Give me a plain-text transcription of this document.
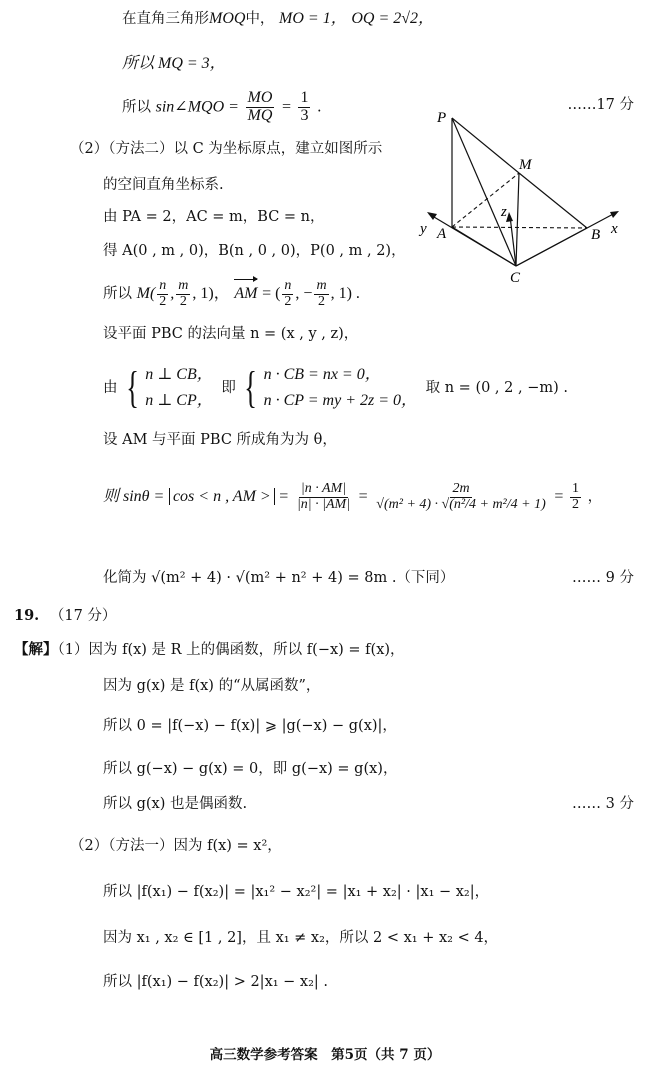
在直角三角形MOQ中， MO = 1， OQ = 2√2，
所以 MQ = 3，
所以 sin∠MQO = $\frac{MO}{MQ} = \frac{1}{3}$ .	……17 分
P
M
z
y A	B x
C
（2）（方法二）以 C 为坐标原点，建立如图所示
的空间直角坐标系.
由 PA = 2，AC = m，BC = n，
得 A(0 , m , 0)，B(n , 0 , 0)，P(0 , m , 2)，
所以 $M( \frac{n}{2}$ , $\frac{m}{2}$ , 1)， AM = ( $\frac{n}{2}$ , − $\frac{m}{2}$ , 1) .
设平面 PBC 的法向量 n = (x , y , z)，
由 { n ⊥ CB，
n ⊥ CP，
即 { n · CB = nx = 0，
n · CP = my + 2z = 0，
取 n = (0 , 2 , −m) .
设 AM 与平面 PBC 所成角为为 θ，
则 sinθ = cos < n , AM > = $\frac{|n \cdot AM|}{|n| \cdot |AM|} = \frac{2m}{\text{√(m² + 4) · √(n²/4 + m²/4 + 1)}} = \frac{1}{2}$ ，
化简为 √(m² + 4) · √(m² + n² + 4) = 8m .（下同）	…… 9 分
19. （17 分）
【解】（1）因为 f(x) 是 R 上的偶函数，所以 f(−x) = f(x)，
因为 g(x) 是 f(x) 的“从属函数”，
所以 0 = |f(−x) − f(x)| ⩾ |g(−x) − g(x)|，
所以 g(−x) − g(x) = 0，即 g(−x) = g(x)，
所以 g(x) 也是偶函数.	…… 3 分
（2）（方法一）因为 f(x) = x²，
所以 |f(x₁) − f(x₂)| = |x₁² − x₂²| = |x₁ + x₂| · |x₁ − x₂|，
因为 x₁ , x₂ ∈ [1 , 2]，且 x₁ ≠ x₂，所以 2 < x₁ + x₂ < 4，
所以 |f(x₁) − f(x₂)| > 2|x₁ − x₂| .
高三数学参考答案　第5页（共 7 页）
